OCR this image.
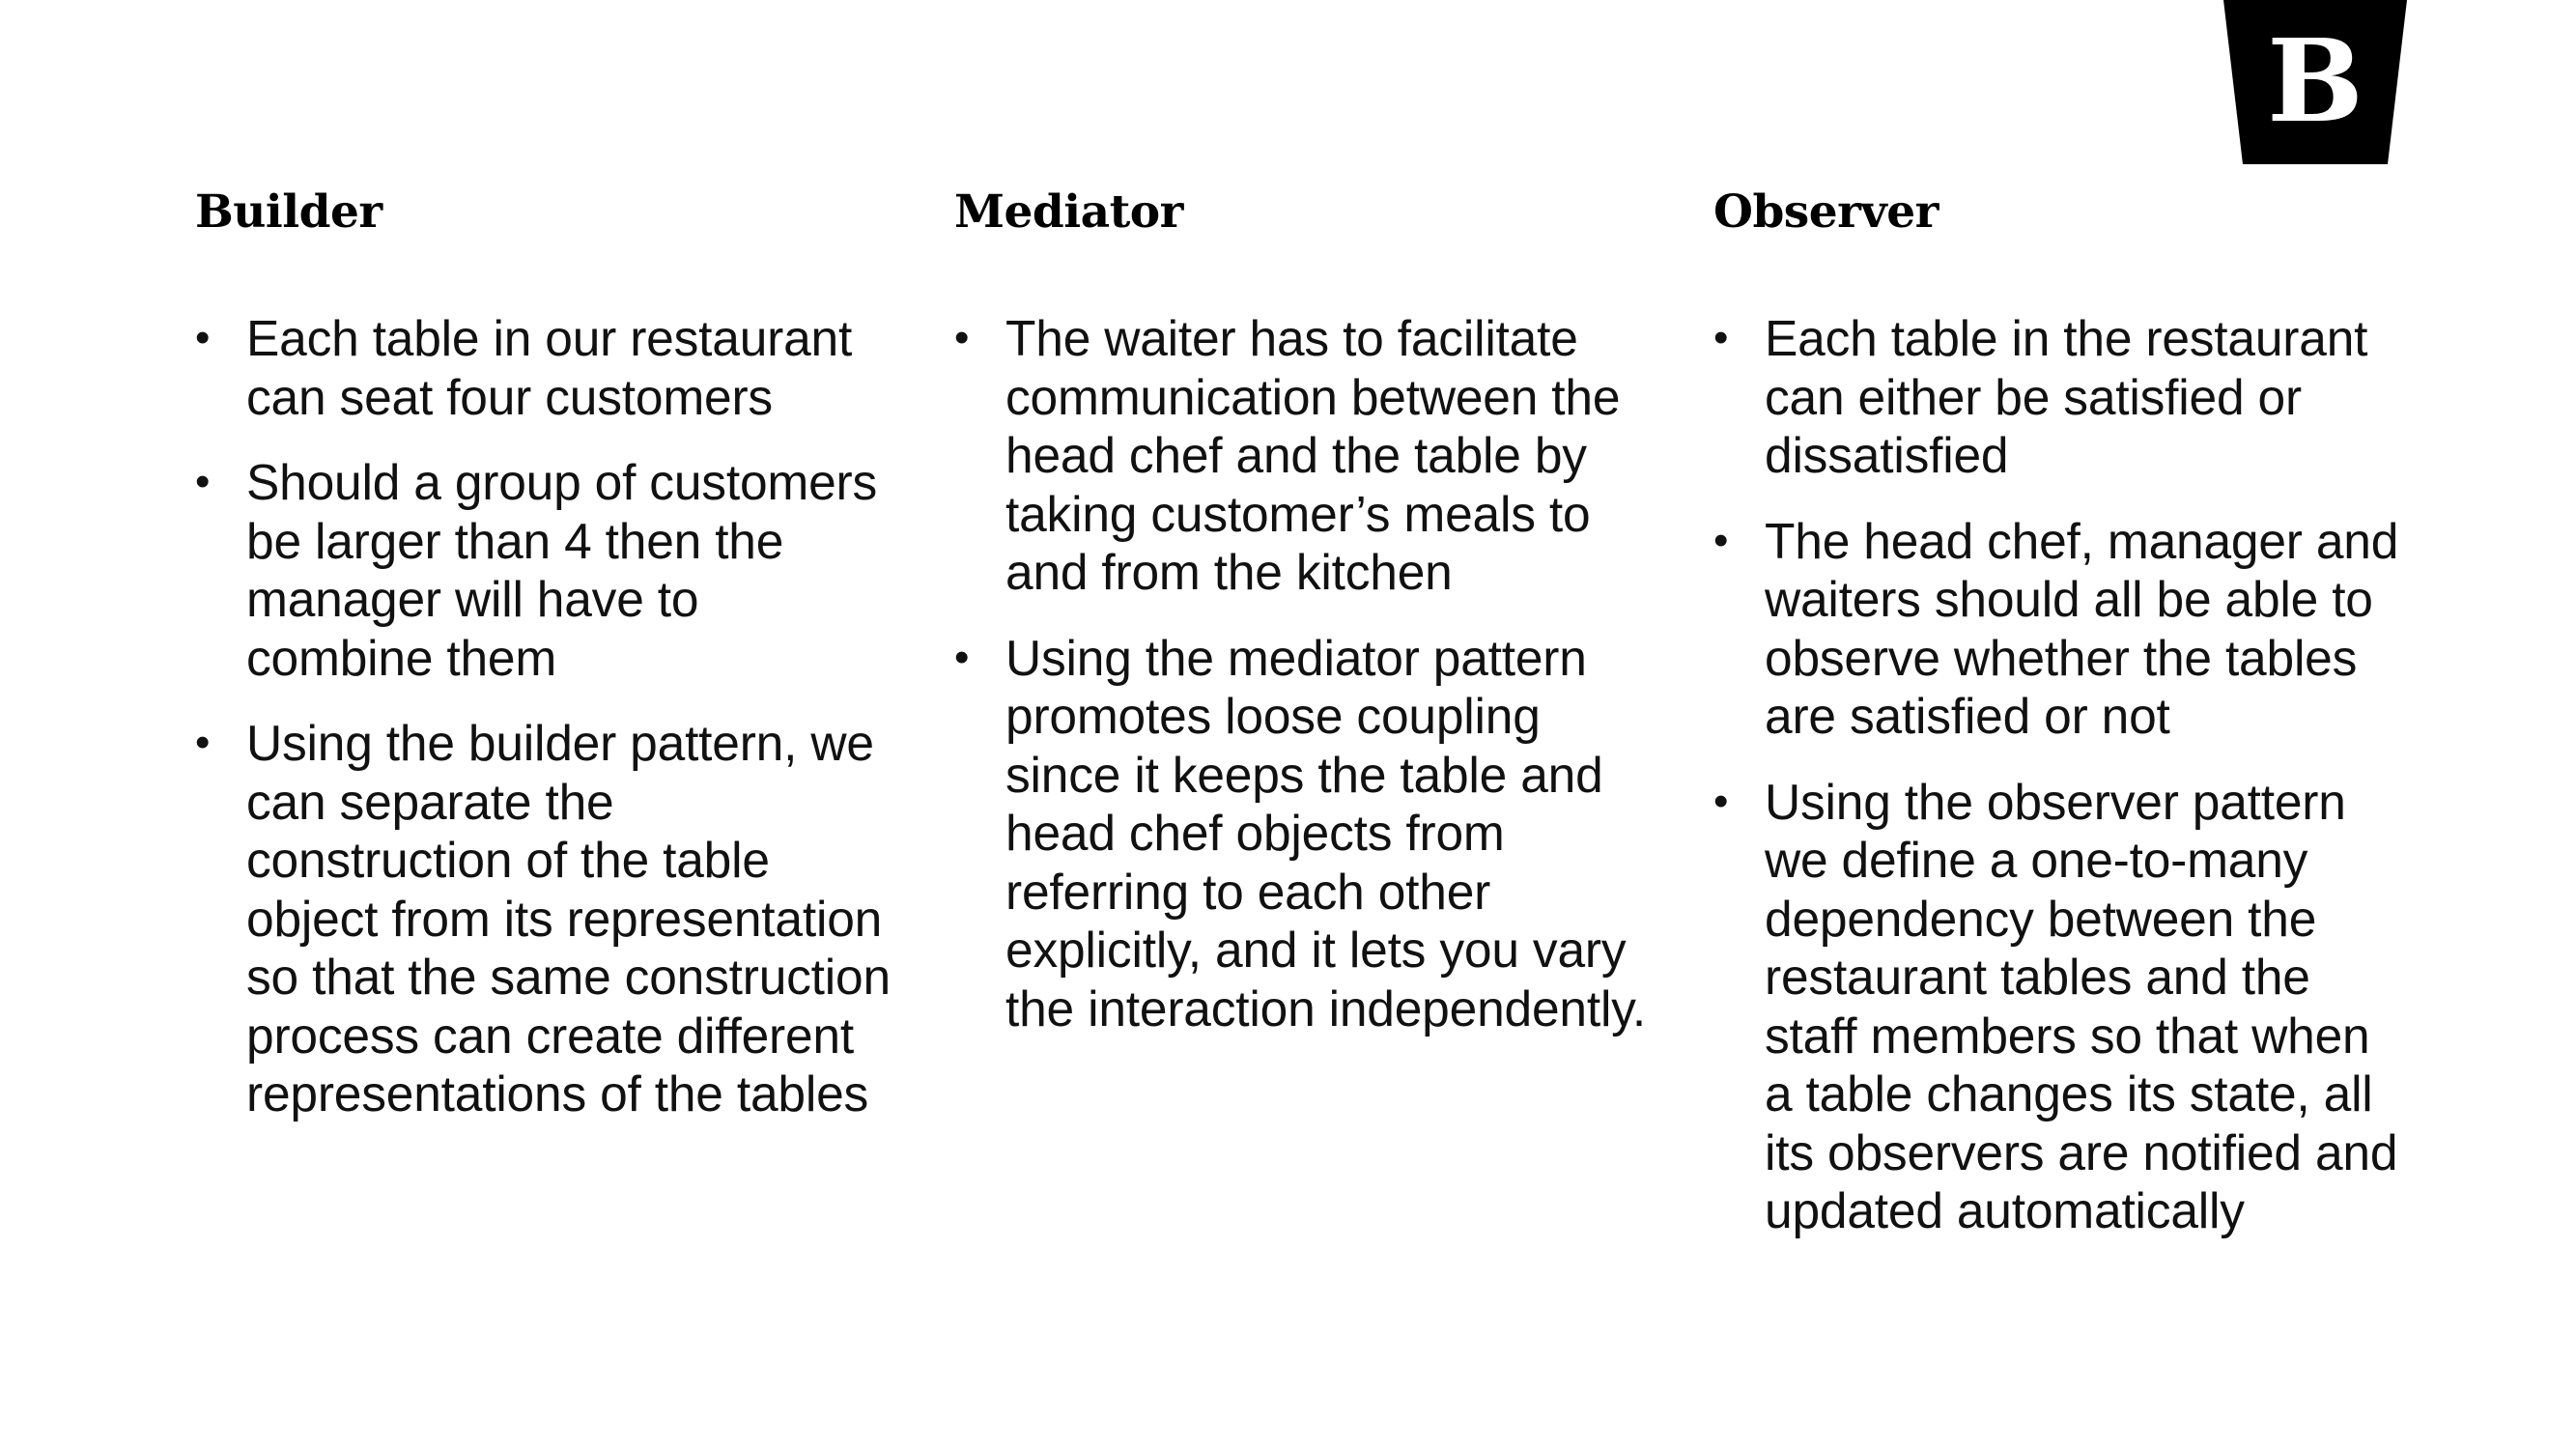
B
Builder
• Each table in our restaurant can seat four customers
• Should a group of customers be larger than 4 then the manager will have to combine them
• Using the builder pattern, we can separate the construction of the table object from its representation so that the same construction process can create different representations of the tables
Mediator
• The waiter has to facilitate communication between the head chef and the table by taking customer’s meals to and from the kitchen
• Using the mediator pattern promotes loose coupling since it keeps the table and head chef objects from referring to each other explicitly, and it lets you vary the interaction independently.
Observer
• Each table in the restaurant can either be satisfied or dissatisfied
• The head chef, manager and waiters should all be able to observe whether the tables are satisfied or not
• Using the observer pattern we define a one-to-many dependency between the restaurant tables and the staff members so that when a table changes its state, all its observers are notified and updated automatically
